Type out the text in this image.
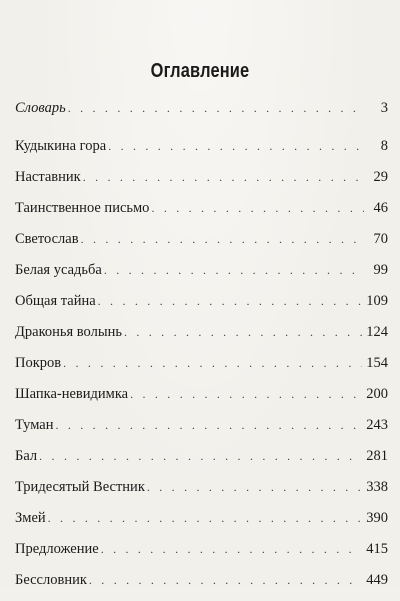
Оглавление
Словарь . . .	3
Кудыкина гора . . .	8
Наставник . . .	29
Таинственное письмо . . .	46
Светослав . . .	70
Белая усадьба . . .	99
Общая тайна . . .	109
Драконья волынь . . .	124
Покров . . .	154
Шапка-невидимка . . .	200
Туман . . .	243
Бал . . .	281
Тридесятый Вестник . . .	338
Змей . . .	390
Предложение . . .	415
Бессловник . . .	449
